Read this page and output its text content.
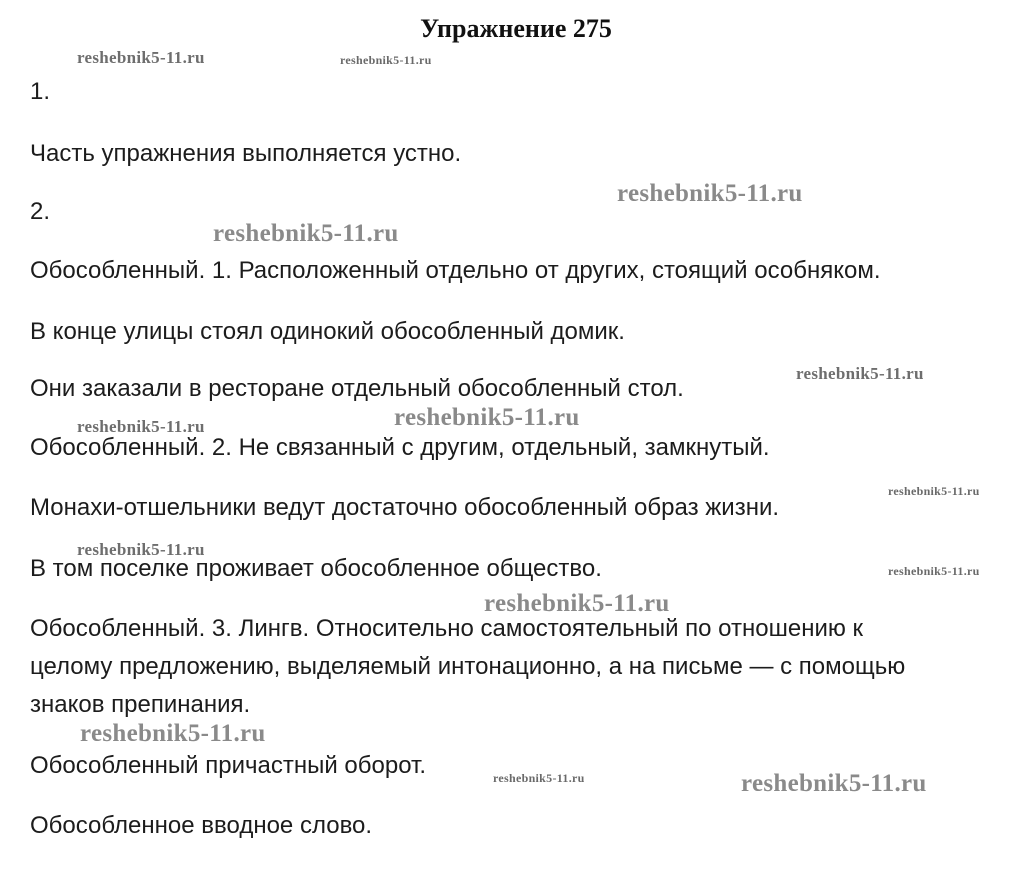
Упражнение 275
reshebnik5-11.ru	reshebnik5-11.ru
reshebnik5-11.ru
reshebnik5-11.ru
reshebnik5-11.ru
reshebnik5-11.ru	reshebnik5-11.ru
reshebnik5-11.ru
reshebnik5-11.ru
reshebnik5-11.ru
reshebnik5-11.ru
reshebnik5-11.ru
reshebnik5-11.ru	reshebnik5-11.ru
1.
Часть упражнения выполняется устно.
2.
Обособленный. 1. Расположенный отдельно от других, стоящий особняком.
В конце улицы стоял одинокий обособленный домик.
Они заказали в ресторане отдельный обособленный стол.
Обособленный. 2. Не связанный с другим, отдельный, замкнутый.
Монахи-отшельники ведут достаточно обособленный образ жизни.
В том поселке проживает обособленное общество.
Обособленный. 3. Лингв. Относительно самостоятельный по отношению к
целому предложению, выделяемый интонационно, а на письме — с помощью
знаков препинания.
Обособленный причастный оборот.
Обособленное вводное слово.
